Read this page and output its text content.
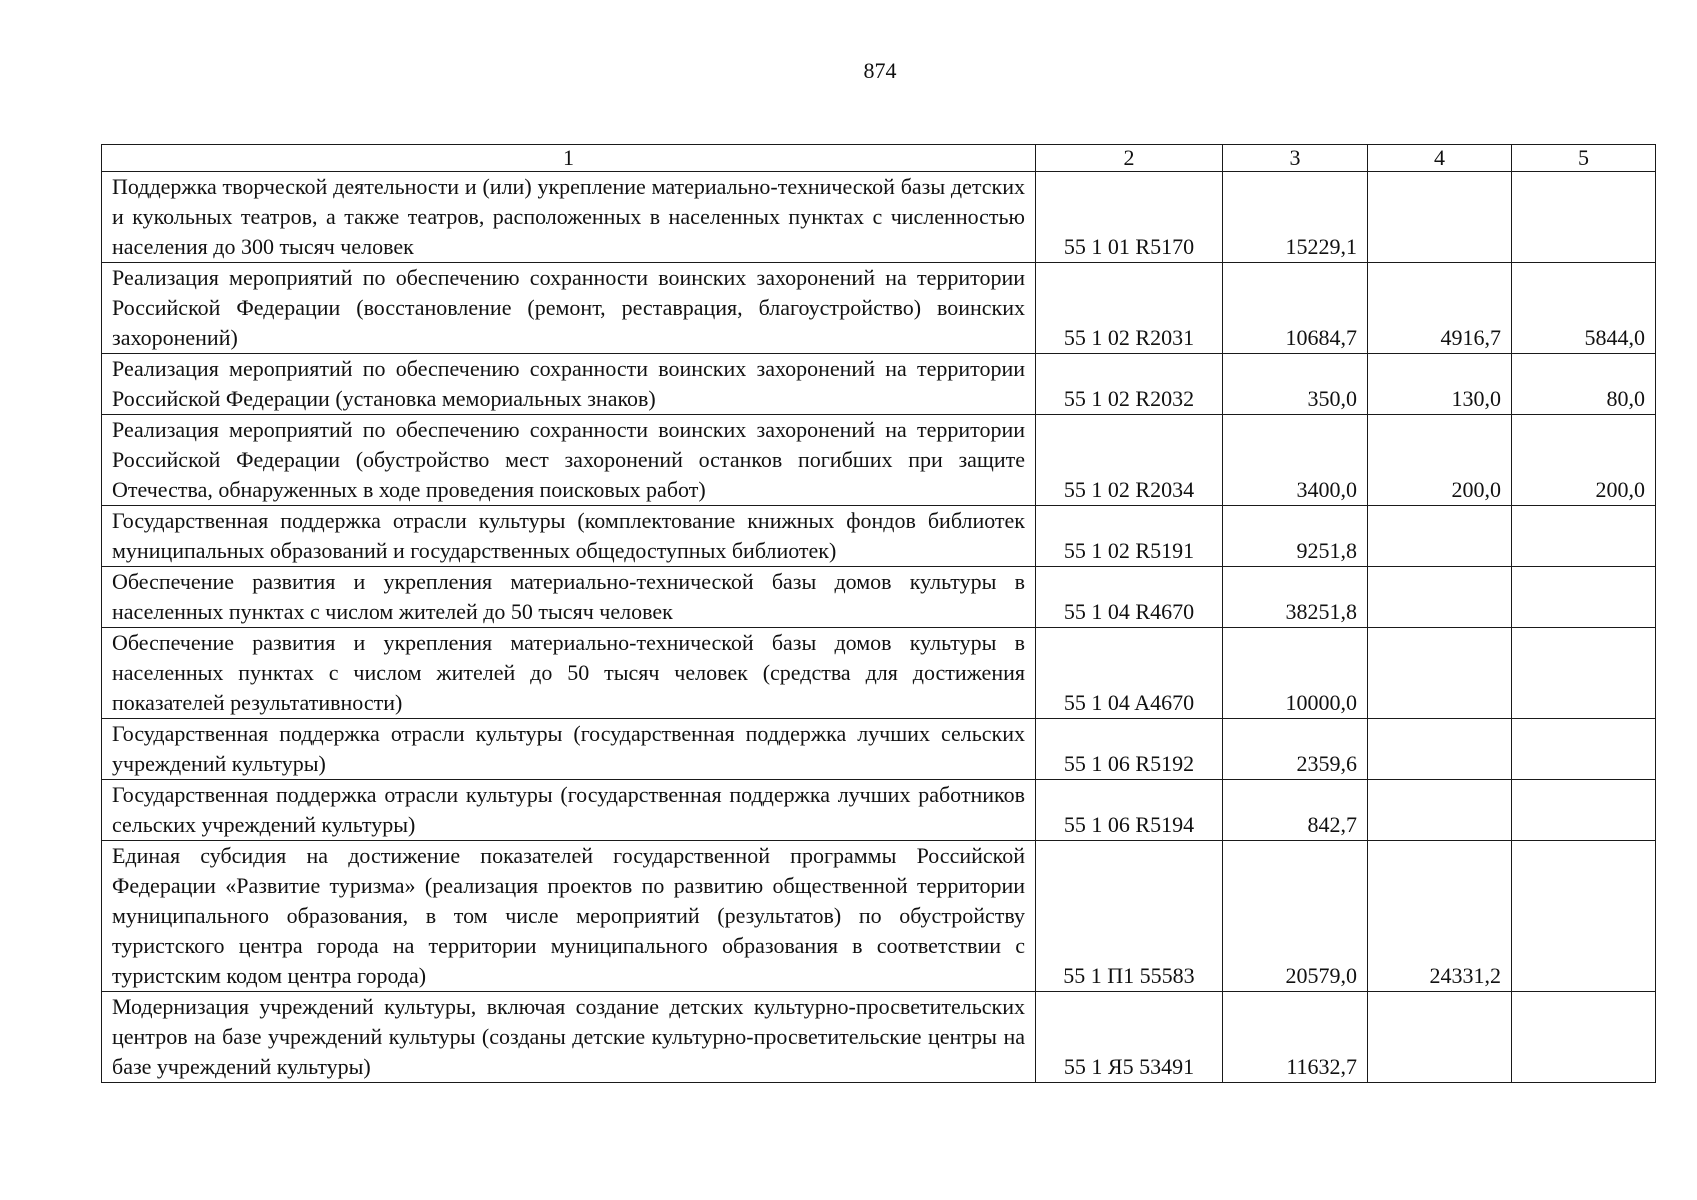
874
1	2	3	4	5
Поддержка творческой деятельности и (или) укрепление материально-технической базы детских и кукольных театров, а также театров, расположенных в населенных пунктах с численностью населения до 300 тысяч человек	55 1 01 R5170	15229,1		
Реализация мероприятий по обеспечению сохранности воинских захоронений на территории Российской Федерации (восстановление (ремонт, реставрация, благоустройство) воинских захоронений)	55 1 02 R2031	10684,7	4916,7	5844,0
Реализация мероприятий по обеспечению сохранности воинских захоронений на территории Российской Федерации (установка мемориальных знаков)	55 1 02 R2032	350,0	130,0	80,0
Реализация мероприятий по обеспечению сохранности воинских захоронений на территории Российской Федерации (обустройство мест захоронений останков погибших при защите Отечества, обнаруженных в ходе проведения поисковых работ)	55 1 02 R2034	3400,0	200,0	200,0
Государственная поддержка отрасли культуры (комплектование книжных фондов библиотек муниципальных образований и государственных общедоступных библиотек)	55 1 02 R5191	9251,8		
Обеспечение развития и укрепления материально-технической базы домов культуры в населенных пунктах с числом жителей до 50 тысяч человек	55 1 04 R4670	38251,8		
Обеспечение развития и укрепления материально-технической базы домов культуры в населенных пунктах с числом жителей до 50 тысяч человек (средства для достижения показателей результативности)	55 1 04 A4670	10000,0		
Государственная поддержка отрасли культуры (государственная поддержка лучших сельских учреждений культуры)	55 1 06 R5192	2359,6		
Государственная поддержка отрасли культуры (государственная поддержка лучших работников сельских учреждений культуры)	55 1 06 R5194	842,7		
Единая субсидия на достижение показателей государственной программы Российской Федерации «Развитие туризма» (реализация проектов по развитию общественной территории муниципального образования, в том числе мероприятий (результатов) по обустройству туристского центра города на территории муниципального образования в соответствии с туристским кодом центра города)	55 1 П1 55583	20579,0	24331,2	
Модернизация учреждений культуры, включая создание детских культурно-просветительских центров на базе учреждений культуры (созданы детские культурно-просветительские центры на базе учреждений культуры)	55 1 Я5 53491	11632,7		
